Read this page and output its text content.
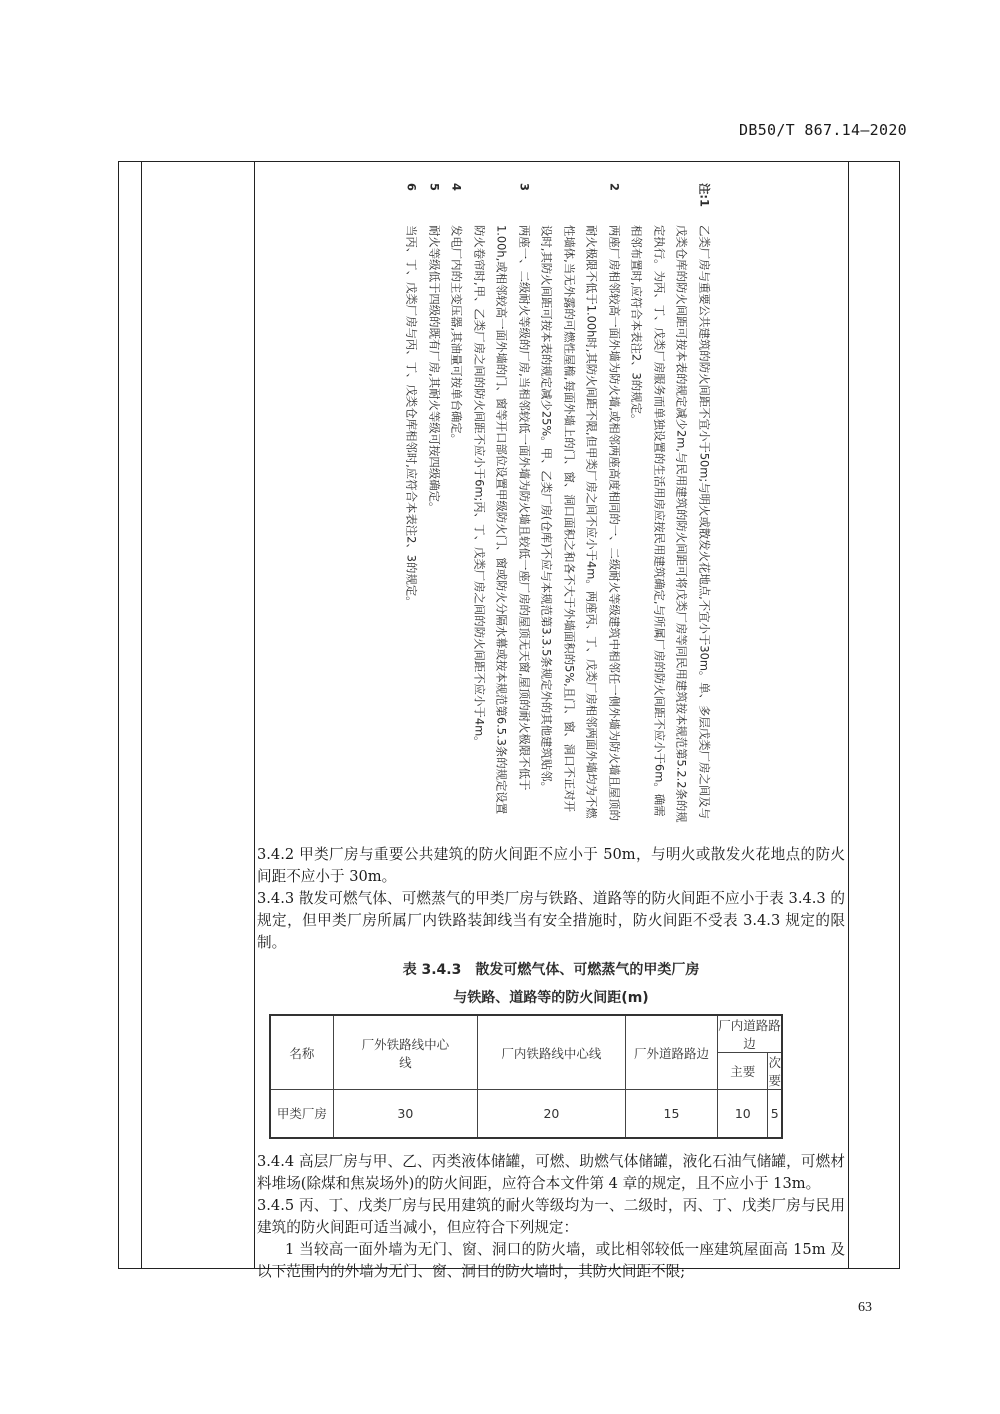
DB50/T 867.14—2020
注:1
乙类厂房与重要公共建筑的防火间距不宜小于50m;与明火或散发火花地点,不宜小于30m。单、多层戊类厂房之间及与戊类仓库的防火间距可按本表的规定减少2m,与民用建筑的防火间距可将戊类厂房等同民用建筑按本规范第5.2.2条的规定执行。为丙、丁、戊类厂房服务而单独设置的生活用房应按民用建筑确定,与所属厂房的防火间距不应小于6m。确需相邻布置时,应符合本表注2、3的规定。
2
两座厂房相邻较高一面外墙为防火墙,或相邻两座高度相同的一、二级耐火等级建筑中相邻任一侧外墙为防火墙且屋顶的耐火极限不低于1.00h时,其防火间距不限,但甲类厂房之间不应小于4m。两座丙、丁、戊类厂房相邻两面外墙均为不燃性墙体,当无外露的可燃性屋檐,每面外墙上的门、窗、洞口面积之和各不大于外墙面积的5%,且门、窗、洞口不正对开设时,其防火间距可按本表的规定减少25%。甲、乙类厂房(仓库)不应与本规范第3.3.5条规定外的其他建筑贴邻。
3
两座一、二级耐火等级的厂房,当相邻较低一面外墙为防火墙且较低一座厂房的屋顶无天窗,屋顶的耐火极限不低于1.00h,或相邻较高一面外墙的门、窗等开口部位设置甲级防火门、窗或防火分隔水幕或按本规范第6.5.3条的规定设置防火卷帘时,甲、乙类厂房之间的防火间距不应小于6m;丙、丁、戊类厂房之间的防火间距不应小于4m。
4
发电厂内的主变压器,其油量可按单台确定。
5
耐火等级低于四级的既有厂房,其耐火等级可按四级确定。
6
当丙、丁、戊类厂房与丙、丁、戊类仓库相邻时,应符合本表注2、3的规定。
3.4.2 甲类厂房与重要公共建筑的防火间距不应小于 50m，与明火或散发火花地点的防火间距不应小于 30m。
3.4.3 散发可燃气体、可燃蒸气的甲类厂房与铁路、道路等的防火间距不应小于表 3.4.3 的规定，但甲类厂房所属厂内铁路装卸线当有安全措施时，防火间距不受表 3.4.3 规定的限制。
表 3.4.3　散发可燃气体、可燃蒸气的甲类厂房
与铁路、道路等的防火间距(m)
名称	厂外铁路线中心线	厂内铁路线中心线	厂外道路路边	厂内道路路边	
				主要	次要
甲类厂房	30	20	15	10	5
3.4.4 高层厂房与甲、乙、丙类液体储罐，可燃、助燃气体储罐，液化石油气储罐，可燃材料堆场(除煤和焦炭场外)的防火间距，应符合本文件第 4 章的规定，且不应小于 13m。
3.4.5 丙、丁、戊类厂房与民用建筑的耐火等级均为一、二级时，丙、丁、戊类厂房与民用建筑的防火间距可适当减小，但应符合下列规定：
1 当较高一面外墙为无门、窗、洞口的防火墙，或比相邻较低一座建筑屋面高 15m 及以下范围内的外墙为无门、窗、洞日的防火墙时，其防火间距不限;
63
